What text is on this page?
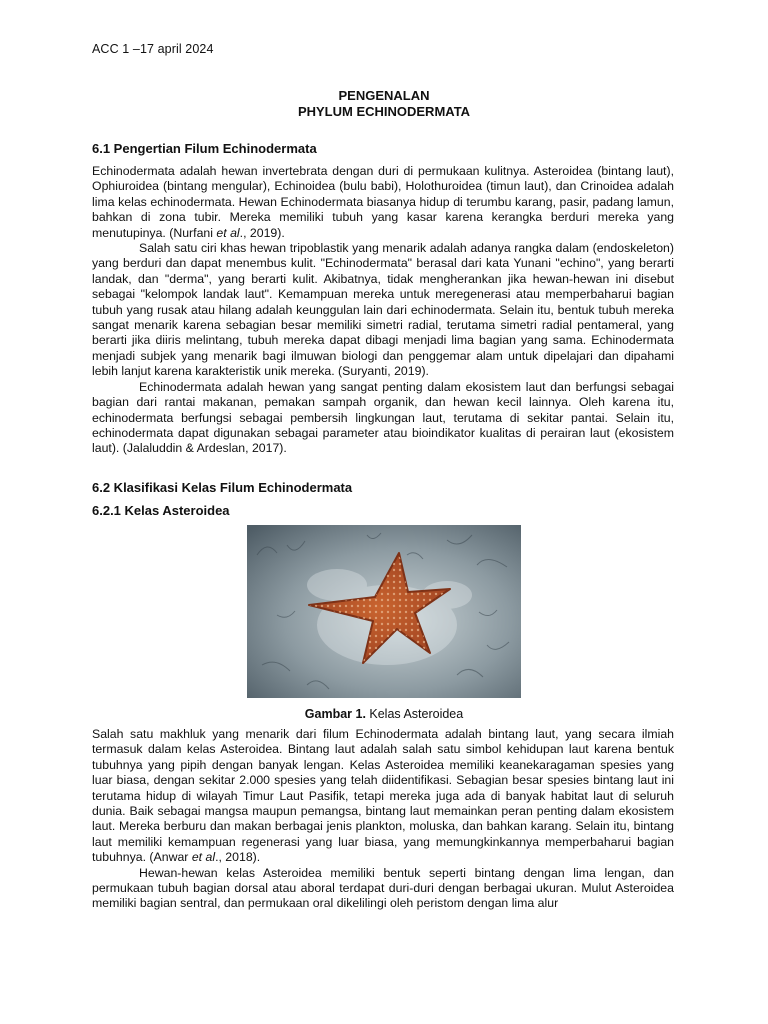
ACC 1 –17 april 2024
PENGENALAN
PHYLUM ECHINODERMATA
6.1 Pengertian Filum Echinodermata

Echinodermata adalah hewan invertebrata dengan duri di permukaan kulitnya. Asteroidea (bintang laut), Ophiuroidea (bintang mengular), Echinoidea (bulu babi), Holothuroidea (timun laut), dan Crinoidea adalah lima kelas echinodermata. Hewan Echinodermata biasanya hidup di terumbu karang, pasir, padang lamun, bahkan di zona tubir. Mereka memiliki tubuh yang kasar karena kerangka berduri mereka yang menutupinya. (Nurfani et al., 2019).

Salah satu ciri khas hewan tripoblastik yang menarik adalah adanya rangka dalam (endoskeleton) yang berduri dan dapat menembus kulit. "Echinodermata" berasal dari kata Yunani "echino", yang berarti landak, dan "derma", yang berarti kulit. Akibatnya, tidak mengherankan jika hewan-hewan ini disebut sebagai "kelompok landak laut". Kemampuan mereka untuk meregenerasi atau memperbaharui bagian tubuh yang rusak atau hilang adalah keunggulan lain dari echinodermata. Selain itu, bentuk tubuh mereka sangat menarik karena sebagian besar memiliki simetri radial, terutama simetri radial pentameral, yang berarti jika diiris melintang, tubuh mereka dapat dibagi menjadi lima bagian yang sama. Echinodermata menjadi subjek yang menarik bagi ilmuwan biologi dan penggemar alam untuk dipelajari dan dipahami lebih lanjut karena karakteristik unik mereka. (Suryanti, 2019).

Echinodermata adalah hewan yang sangat penting dalam ekosistem laut dan berfungsi sebagai bagian dari rantai makanan, pemakan sampah organik, dan hewan kecil lainnya. Oleh karena itu, echinodermata berfungsi sebagai pembersih lingkungan laut, terutama di sekitar pantai. Selain itu, echinodermata dapat digunakan sebagai parameter atau bioindikator kualitas di perairan laut (ekosistem laut). (Jalaluddin & Ardeslan, 2017).

6.2 Klasifikasi Kelas Filum Echinodermata
6.2.1 Kelas Asteroidea
Gambar 1. Kelas Asteroidea

Salah satu makhluk yang menarik dari filum Echinodermata adalah bintang laut, yang secara ilmiah termasuk dalam kelas Asteroidea. Bintang laut adalah salah satu simbol kehidupan laut karena bentuk tubuhnya yang pipih dengan banyak lengan. Kelas Asteroidea memiliki keanekaragaman spesies yang luar biasa, dengan sekitar 2.000 spesies yang telah diidentifikasi. Sebagian besar spesies bintang laut ini terutama hidup di wilayah Timur Laut Pasifik, tetapi mereka juga ada di banyak habitat laut di seluruh dunia. Baik sebagai mangsa maupun pemangsa, bintang laut memainkan peran penting dalam ekosistem laut. Mereka berburu dan makan berbagai jenis plankton, moluska, dan bahkan karang. Selain itu, bintang laut memiliki kemampuan regenerasi yang luar biasa, yang memungkinkannya memperbaharui bagian tubuhnya. (Anwar et al., 2018).

Hewan-hewan kelas Asteroidea memiliki bentuk seperti bintang dengan lima lengan, dan permukaan tubuh bagian dorsal atau aboral terdapat duri-duri dengan berbagai ukuran. Mulut Asteroidea memiliki bagian sentral, dan permukaan oral dikelilingi oleh peristom dengan lima alur
